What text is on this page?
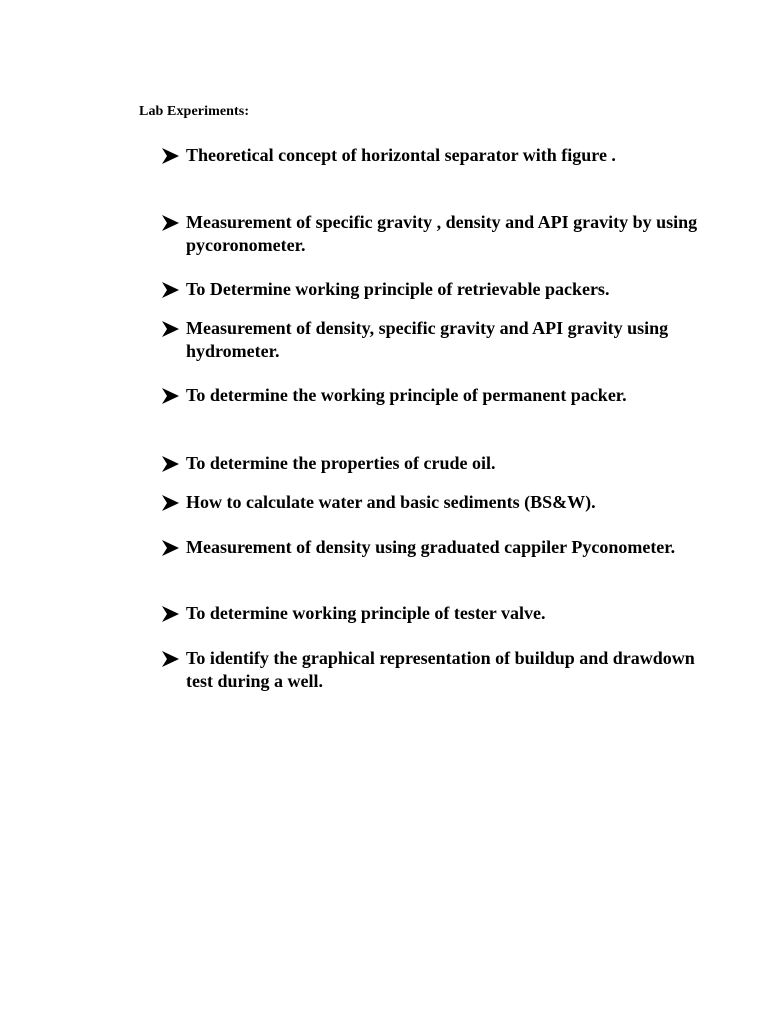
Lab Experiments:
Theoretical concept of horizontal separator with figure .
Measurement of specific gravity , density and API gravity by using pycoronometer.
To Determine working principle of retrievable packers.
Measurement of density, specific gravity and API gravity using hydrometer.
To determine the working principle of permanent packer.
To determine the properties of crude oil.
How to calculate water and basic sediments (BS&W).
Measurement of density using graduated cappiler Pyconometer.
To determine working principle of tester valve.
To identify the graphical representation of buildup and drawdown test during a well.
